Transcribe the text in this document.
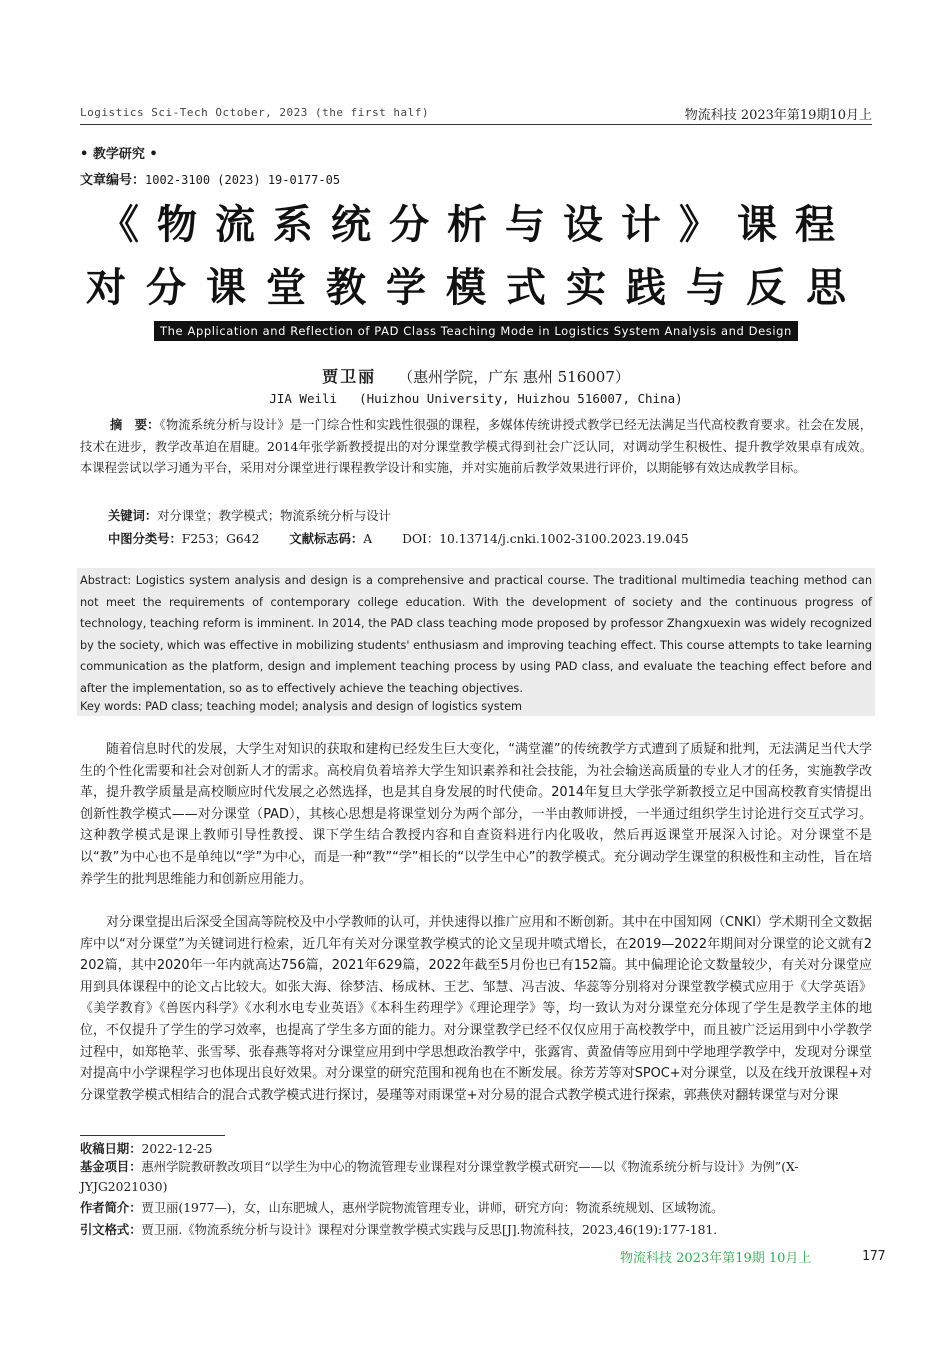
Logistics Sci-Tech October, 2023 (the first half)	物流科技 2023年第19期10月上
• 教学研究 •
文章编号：1002-3100 (2023) 19-0177-05
《物流系统分析与设计》课程
对分课堂教学模式实践与反思
The Application and Reflection of PAD Class Teaching Mode in Logistics System Analysis and Design
贾卫丽 （惠州学院，广东 惠州 516007）
JIA Weili (Huizhou University, Huizhou 516007, China)
摘　要：《物流系统分析与设计》是一门综合性和实践性很强的课程，多媒体传统讲授式教学已经无法满足当代高校教育要求。社会在发展，技术在进步，教学改革迫在眉睫。2014年张学新教授提出的对分课堂教学模式得到社会广泛认同，对调动学生积极性、提升教学效果卓有成效。本课程尝试以学习通为平台，采用对分课堂进行课程教学设计和实施，并对实施前后教学效果进行评价，以期能够有效达成教学目标。
关键词：对分课堂；教学模式；物流系统分析与设计
中图分类号：F253；G642 文献标志码：A DOI：10.13714/j.cnki.1002-3100.2023.19.045
Abstract: Logistics system analysis and design is a comprehensive and practical course. The traditional multimedia teaching method can not meet the requirements of contemporary college education. With the development of society and the continuous progress of technology, teaching reform is imminent. In 2014, the PAD class teaching mode proposed by professor Zhangxuexin was widely recognized by the society, which was effective in mobilizing students' enthusiasm and improving teaching effect. This course attempts to take learning communication as the platform, design and implement teaching process by using PAD class, and evaluate the teaching effect before and after the implementation, so as to effectively achieve the teaching objectives.
Key words: PAD class; teaching model; analysis and design of logistics system
随着信息时代的发展，大学生对知识的获取和建构已经发生巨大变化，“满堂灌”的传统教学方式遭到了质疑和批判，无法满足当代大学生的个性化需要和社会对创新人才的需求。高校肩负着培养大学生知识素养和社会技能，为社会输送高质量的专业人才的任务，实施教学改革，提升教学质量是高校顺应时代发展之必然选择，也是其自身发展的时代使命。2014年复旦大学张学新教授立足中国高校教育实情提出创新性教学模式——对分课堂（PAD），其核心思想是将课堂划分为两个部分，一半由教师讲授，一半通过组织学生讨论进行交互式学习。这种教学模式是课上教师引导性教授、课下学生结合教授内容和自查资料进行内化吸收，然后再返课堂开展深入讨论。对分课堂不是以“教”为中心也不是单纯以“学”为中心，而是一种“教”“学”相长的“以学生中心”的教学模式。充分调动学生课堂的积极性和主动性，旨在培养学生的批判思维能力和创新应用能力。
对分课堂提出后深受全国高等院校及中小学教师的认可，并快速得以推广应用和不断创新。其中在中国知网（CNKI）学术期刊全文数据库中以“对分课堂”为关键词进行检索，近几年有关对分课堂教学模式的论文呈现井喷式增长，在2019—2022年期间对分课堂的论文就有2 202篇，其中2020年一年内就高达756篇，2021年629篇，2022年截至5月份也已有152篇。其中偏理论论文数量较少，有关对分课堂应用到具体课程中的论文占比较大。如张大海、徐梦洁、杨成林、王艺、邹慧、冯吉波、华蕊等分别将对分课堂教学模式应用于《大学英语》《美学教育》《兽医内科学》《水利水电专业英语》《本科生药理学》《理论理学》等，均一致认为对分课堂充分体现了学生是教学主体的地位，不仅提升了学生的学习效率，也提高了学生多方面的能力。对分课堂教学已经不仅仅应用于高校教学中，而且被广泛运用到中小学教学过程中，如郑艳苹、张雪琴、张春燕等将对分课堂应用到中学思想政治教学中，张露宵、黄盈倩等应用到中学地理学教学中，发现对分课堂对提高中小学课程学习也体现出良好效果。对分课堂的研究范围和视角也在不断发展。徐芳芳等对SPOC+对分课堂，以及在线开放课程+对分课堂教学模式相结合的混合式教学模式进行探讨，晏瑾等对雨课堂+对分易的混合式教学模式进行探索，郭燕侠对翻转课堂与对分课
收稿日期：2022-12-25
基金项目：惠州学院教研教改项目“以学生为中心的物流管理专业课程对分课堂教学模式研究——以《物流系统分析与设计》为例”(X-JYJG2021030)
作者简介：贾卫丽(1977—)，女，山东肥城人，惠州学院物流管理专业，讲师，研究方向：物流系统规划、区域物流。
引文格式：贾卫丽.《物流系统分析与设计》课程对分课堂教学模式实践与反思[J].物流科技，2023,46(19):177-181.
物流科技 2023年第19期 10月上	177
